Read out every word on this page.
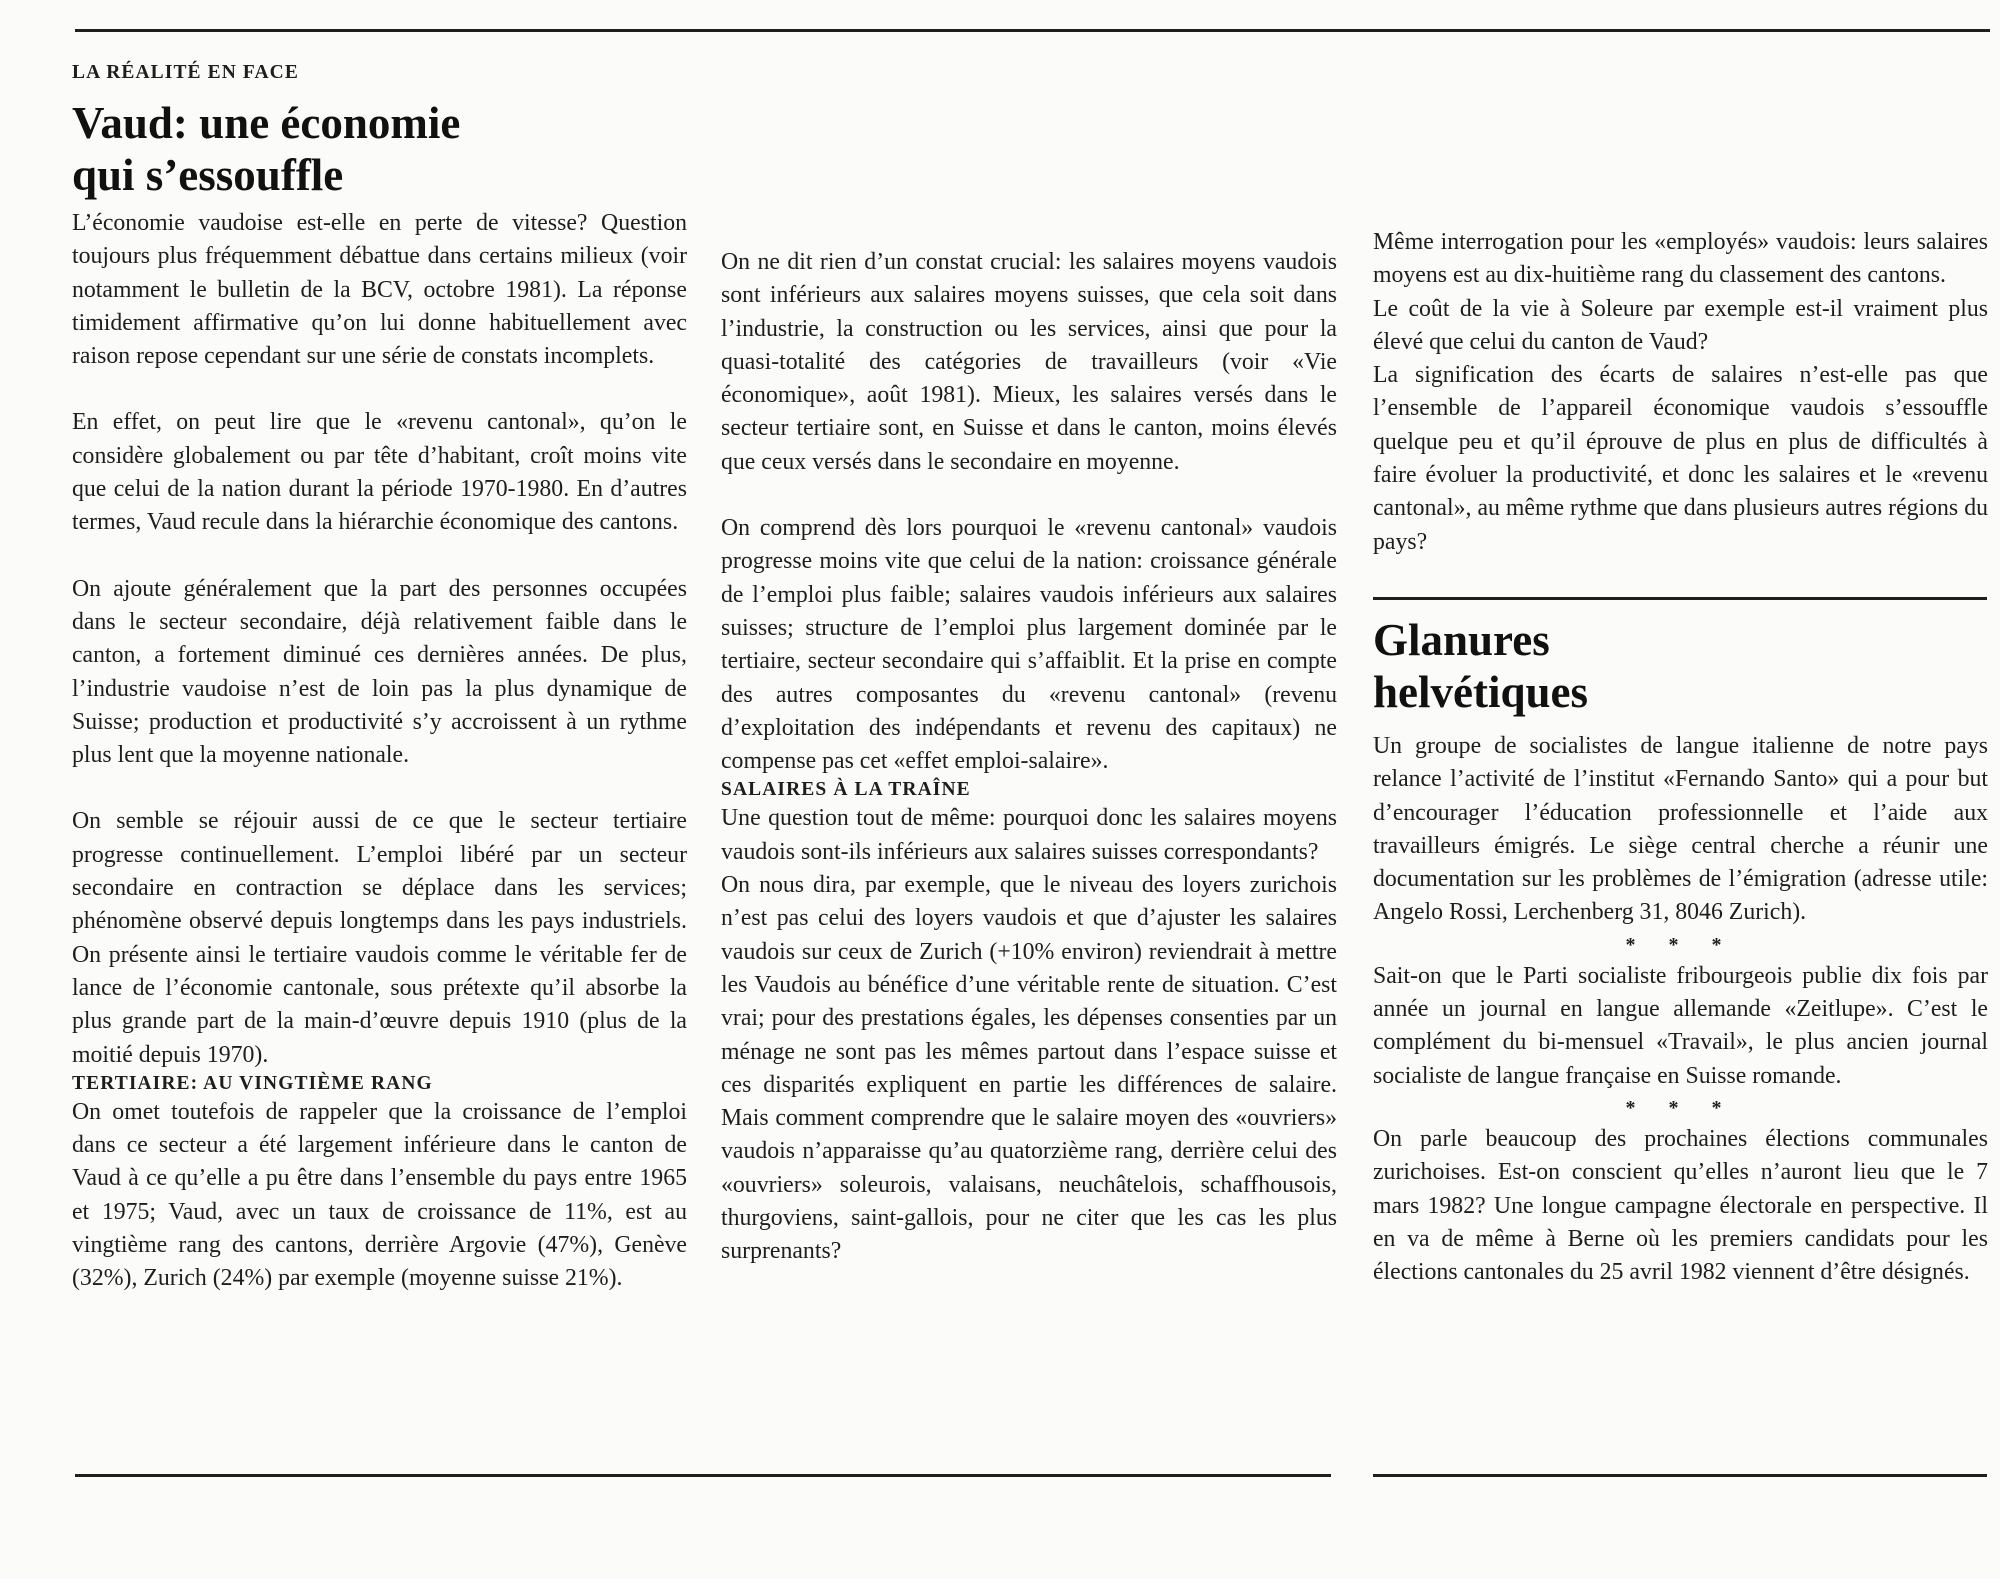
LA RÉALITÉ EN FACE

Vaud: une économie
qui s’essouffle

L’économie vaudoise est-elle en perte de vitesse? Question toujours plus fréquemment débattue dans certains milieux (voir notamment le bulletin de la BCV, octobre 1981). La réponse timidement affirmative qu’on lui donne habituellement avec raison repose cependant sur une série de constats incomplets.

En effet, on peut lire que le «revenu cantonal», qu’on le considère globalement ou par tête d’habitant, croît moins vite que celui de la nation durant la période 1970-1980. En d’autres termes, Vaud recule dans la hiérarchie économique des cantons.

On ajoute généralement que la part des personnes occupées dans le secteur secondaire, déjà relativement faible dans le canton, a fortement diminué ces dernières années. De plus, l’industrie vaudoise n’est de loin pas la plus dynamique de Suisse; production et productivité s’y accroissent à un rythme plus lent que la moyenne nationale.

On semble se réjouir aussi de ce que le secteur tertiaire progresse continuellement. L’emploi libéré par un secteur secondaire en contraction se déplace dans les services; phénomène observé depuis longtemps dans les pays industriels. On présente ainsi le tertiaire vaudois comme le véritable fer de lance de l’économie cantonale, sous prétexte qu’il absorbe la plus grande part de la main-d’œuvre depuis 1910 (plus de la moitié depuis 1970).

TERTIAIRE: AU VINGTIÈME RANG

On omet toutefois de rappeler que la croissance de l’emploi dans ce secteur a été largement inférieure dans le canton de Vaud à ce qu’elle a pu être dans l’ensemble du pays entre 1965 et 1975; Vaud, avec un taux de croissance de 11%, est au vingtième rang des cantons, derrière Argovie (47%), Genève (32%), Zurich (24%) par exemple (moyenne suisse 21%).

On ne dit rien d’un constat crucial: les salaires moyens vaudois sont inférieurs aux salaires moyens suisses, que cela soit dans l’industrie, la construction ou les services, ainsi que pour la quasi-totalité des catégories de travailleurs (voir «Vie économique», août 1981). Mieux, les salaires versés dans le secteur tertiaire sont, en Suisse et dans le canton, moins élevés que ceux versés dans le secondaire en moyenne.

On comprend dès lors pourquoi le «revenu cantonal» vaudois progresse moins vite que celui de la nation: croissance générale de l’emploi plus faible; salaires vaudois inférieurs aux salaires suisses; structure de l’emploi plus largement dominée par le tertiaire, secteur secondaire qui s’affaiblit. Et la prise en compte des autres composantes du «revenu cantonal» (revenu d’exploitation des indépendants et revenu des capitaux) ne compense pas cet «effet emploi-salaire».

SALAIRES À LA TRAÎNE

Une question tout de même: pourquoi donc les salaires moyens vaudois sont-ils inférieurs aux salaires suisses correspondants?

On nous dira, par exemple, que le niveau des loyers zurichois n’est pas celui des loyers vaudois et que d’ajuster les salaires vaudois sur ceux de Zurich (+10% environ) reviendrait à mettre les Vaudois au bénéfice d’une véritable rente de situation. C’est vrai; pour des prestations égales, les dépenses consenties par un ménage ne sont pas les mêmes partout dans l’espace suisse et ces disparités expliquent en partie les différences de salaire. Mais comment comprendre que le salaire moyen des «ouvriers» vaudois n’apparaisse qu’au quatorzième rang, derrière celui des «ouvriers» soleurois, valaisans, neuchâtelois, schaffhousois, thurgoviens, saint-gallois, pour ne citer que les cas les plus surprenants?

Même interrogation pour les «employés» vaudois: leurs salaires moyens est au dix-huitième rang du classement des cantons.

Le coût de la vie à Soleure par exemple est-il vraiment plus élevé que celui du canton de Vaud?

La signification des écarts de salaires n’est-elle pas que l’ensemble de l’appareil économique vaudois s’essouffle quelque peu et qu’il éprouve de plus en plus de difficultés à faire évoluer la productivité, et donc les salaires et le «revenu cantonal», au même rythme que dans plusieurs autres régions du pays?

Glanures
helvétiques

Un groupe de socialistes de langue italienne de notre pays relance l’activité de l’institut «Fernando Santo» qui a pour but d’encourager l’éducation professionnelle et l’aide aux travailleurs émigrés. Le siège central cherche a réunir une documentation sur les problèmes de l’émigration (adresse utile: Angelo Rossi, Lerchenberg 31, 8046 Zurich).

* * *

Sait-on que le Parti socialiste fribourgeois publie dix fois par année un journal en langue allemande «Zeitlupe». C’est le complément du bi-mensuel «Travail», le plus ancien journal socialiste de langue française en Suisse romande.

* * *

On parle beaucoup des prochaines élections communales zurichoises. Est-on conscient qu’elles n’auront lieu que le 7 mars 1982? Une longue campagne électorale en perspective. Il en va de même à Berne où les premiers candidats pour les élections cantonales du 25 avril 1982 viennent d’être désignés.
